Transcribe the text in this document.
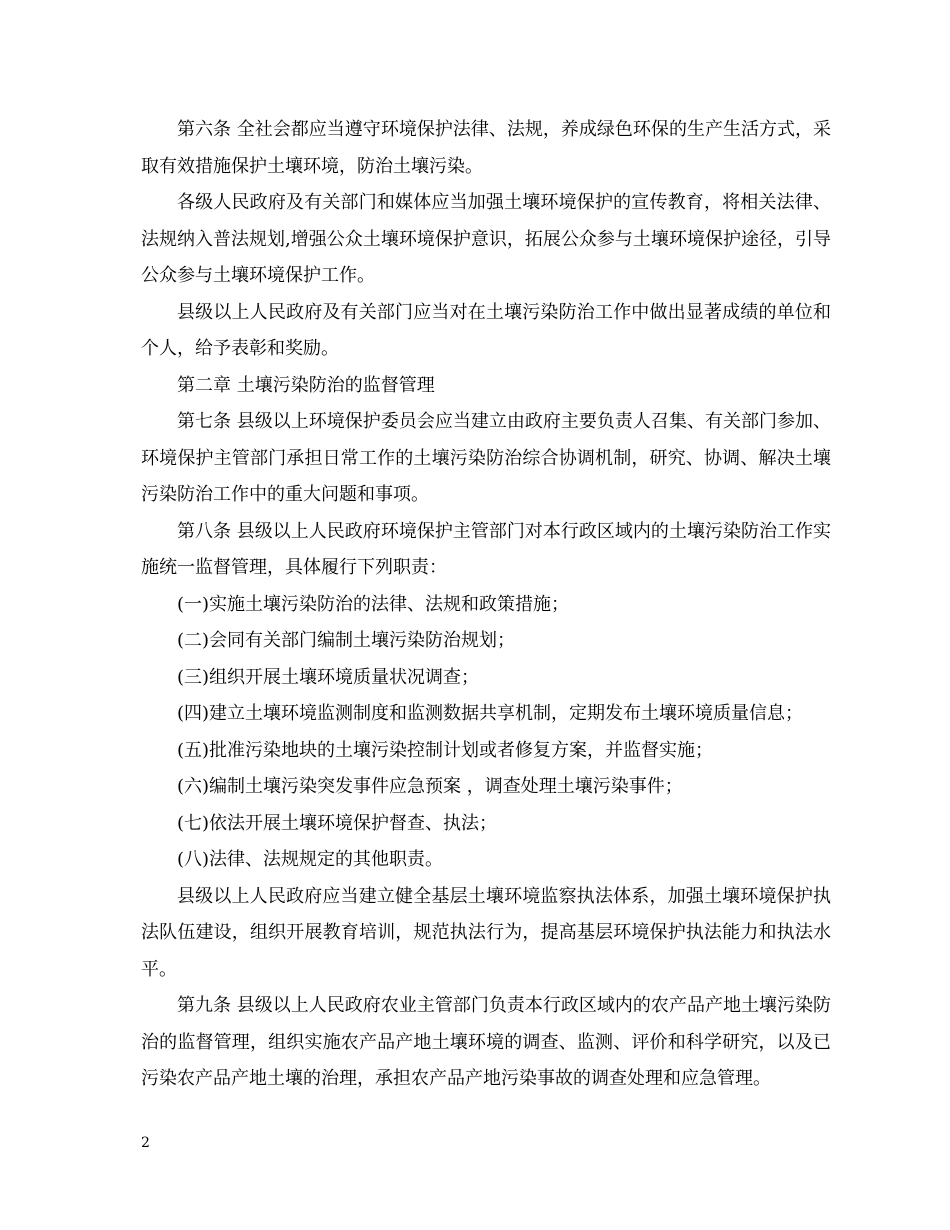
第六条 全社会都应当遵守环境保护法律、法规，养成绿色环保的生产生活方式，采取有效措施保护土壤环境，防治土壤污染。

各级人民政府及有关部门和媒体应当加强土壤环境保护的宣传教育，将相关法律、法规纳入普法规划,增强公众土壤环境保护意识，拓展公众参与土壤环境保护途径，引导公众参与土壤环境保护工作。

县级以上人民政府及有关部门应当对在土壤污染防治工作中做出显著成绩的单位和个人，给予表彰和奖励。

第二章 土壤污染防治的监督管理

第七条 县级以上环境保护委员会应当建立由政府主要负责人召集、有关部门参加、环境保护主管部门承担日常工作的土壤污染防治综合协调机制，研究、协调、解决土壤污染防治工作中的重大问题和事项。

第八条 县级以上人民政府环境保护主管部门对本行政区域内的土壤污染防治工作实施统一监督管理，具体履行下列职责：

(一)实施土壤污染防治的法律、法规和政策措施；

(二)会同有关部门编制土壤污染防治规划；

(三)组织开展土壤环境质量状况调查；

(四)建立土壤环境监测制度和监测数据共享机制，定期发布土壤环境质量信息；

(五)批准污染地块的土壤污染控制计划或者修复方案，并监督实施；

(六)编制土壤污染突发事件应急预案 ，调查处理土壤污染事件；

(七)依法开展土壤环境保护督查、执法；

(八)法律、法规规定的其他职责。

县级以上人民政府应当建立健全基层土壤环境监察执法体系，加强土壤环境保护执法队伍建设，组织开展教育培训，规范执法行为，提高基层环境保护执法能力和执法水平。

第九条 县级以上人民政府农业主管部门负责本行政区域内的农产品产地土壤污染防治的监督管理，组织实施农产品产地土壤环境的调查、监测、评价和科学研究，以及已污染农产品产地土壤的治理，承担农产品产地污染事故的调查处理和应急管理。

2
